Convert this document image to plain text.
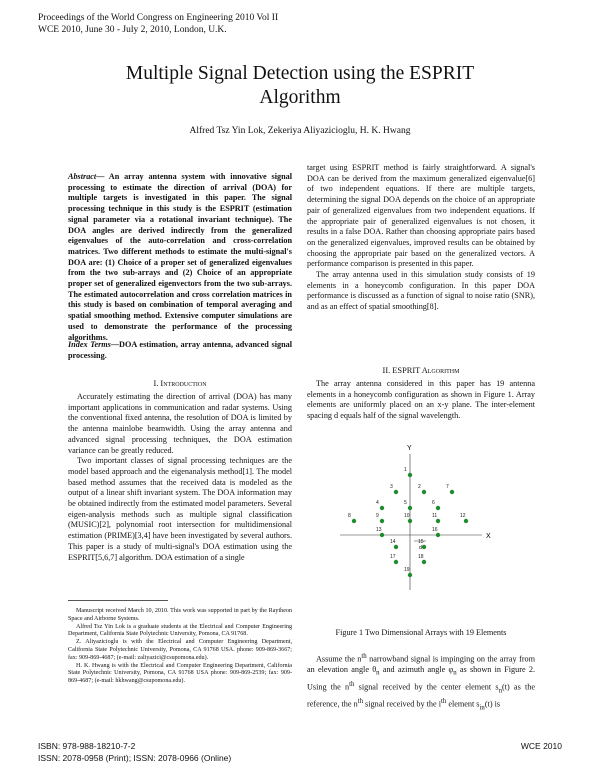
Proceedings of the World Congress on Engineering 2010 Vol II
WCE 2010, June 30 - July 2, 2010, London, U.K.
Multiple Signal Detection using the ESPRIT
Algorithm
Alfred Tsz Yin Lok, Zekeriya Aliyazicioglu, H. K. Hwang
Abstract— An array antenna system with innovative signal processing to estimate the direction of arrival (DOA) for multiple targets is investigated in this paper. The signal processing technique in this study is the ESPRIT (estimation signal parameter via a rotational invariant technique). The DOA angles are derived indirectly from the generalized eigenvalues of the auto-correlation and cross-correlation matrices. Two different methods to estimate the multi-signal's DOA are: (1) Choice of a proper set of generalized eigenvalues from the two sub-arrays and (2) Choice of an appropriate proper set of generalized eigenvectors from the two sub-arrays. The estimated autocorrelation and cross correlation matrices in this study is based on combination of temporal averaging and spatial smoothing method. Extensive computer simulations are used to demonstrate the performance of the processing algorithms.
Index Terms—DOA estimation, array antenna, advanced signal processing.
I. Introduction

Accurately estimating the direction of arrival (DOA) has many important applications in communication and radar systems. Using the conventional fixed antenna, the resolution of DOA is limited by the antenna mainlobe beamwidth. Using the array antenna and advanced signal processing techniques, the DOA estimation variance can be greatly reduced.

Two important classes of signal processing techniques are the model based approach and the eigenanalysis method[1]. The model based method assumes that the received data is modeled as the output of a linear shift invariant system. The DOA information may be obtained indirectly from the estimated model parameters. Several eigen-analysis methods such as multiple signal classification (MUSIC)[2], polynomial root intersection for multidimensional estimation (PRIME)[3,4] have been investigated by several authors. This paper is a study of multi-signal's DOA estimation using the ESPRIT[5,6,7] algorithm. DOA estimation of a single

Manuscript received March 10, 2010. This work was supported in part by the Raytheon Space and Airborne Systems.

Alfred Tsz Yin Lok is a graduate students at the Electrical and Computer Engineering Department, California State Polytechnic University, Pomona, CA 91768.

Z. Aliyazicioglu is with the Electrical and Computer Engineering Department, California State Polytechnic University, Pomona, CA 91768 USA. phone: 909-869-3667; fax: 909-869-4687; (e-mail: zaliyazici@csupomona.edu).

H. K. Hwang is with the Electrical and Computer Engineering Department, California State Polytechnic University, Pomona, CA 91768 USA phone: 909-869-2539; fax: 909-869-4687; (e-mail: hkhwang@csupomona.edu).

target using ESPRIT method is fairly straightforward. A signal's DOA can be derived from the maximum generalized eigenvalue[6] of two independent equations. If there are multiple targets, determining the signal DOA depends on the choice of an appropriate pair of generalized eigenvalues from two independent equations. If the appropriate pair of generalized eigenvalues is not chosen, it results in a false DOA. Rather than choosing appropriate pairs based on the generalized eigenvalues, improved results can be obtained by choosing the appropriate pair based on the generalized vectors. A performance comparison is presented in this paper.

The array antenna used in this simulation study consists of 19 elements in a honeycomb configuration. In this paper DOA performance is discussed as a function of signal to noise ratio (SNR), and as an effect of spatial smoothing[8].

II. ESPRIT Algorithm

The array antenna considered in this paper has 19 antenna elements in a honeycomb configuration as shown in Figure 1. Array elements are uniformly placed on an x-y plane. The inter-element spacing d equals half of the signal wavelength.

Y
X
d
1
2
3
4	5	6
7
8	9	10	11	12
13
14	15
16
17	18
19
Figure 1 Two Dimensional Arrays with 19 Elements

Assume the $n^{th}$ narrowband signal is impinging on the array from an elevation angle $\theta_n$ and azimuth angle $\varphi_n$ as shown in Figure 2. Using the $n^{th}$ signal received by the center element $s_n(t)$ as the reference, the $n^{th}$ signal received by the $i^{th}$ element $s_{in}(t)$ is

ISBN: 978-988-18210-7-2
ISSN: 2078-0958 (Print); ISSN: 2078-0966 (Online)
WCE 2010
